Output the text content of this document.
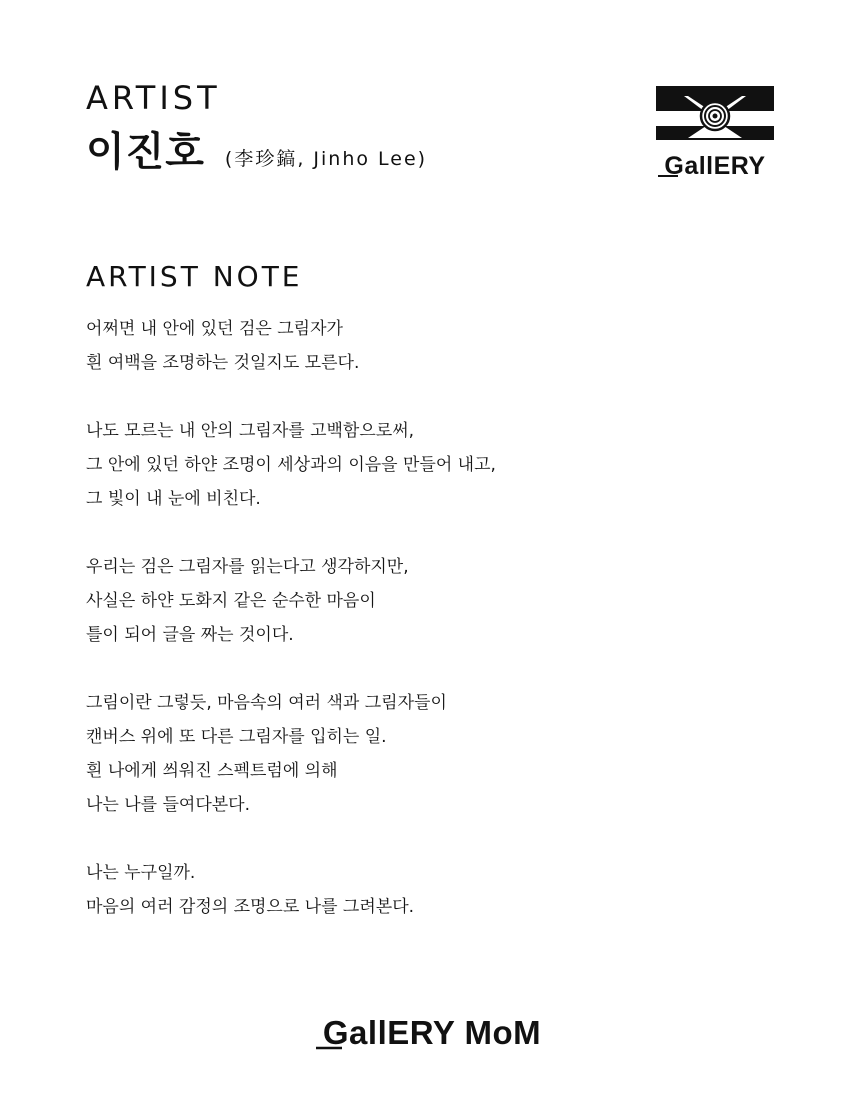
ARTIST
이진호 (李珍鎬, Jinho Lee)	GallERY
ARTIST NOTE
어쩌면 내 안에 있던 검은 그림자가
흰 여백을 조명하는 것일지도 모른다.
나도 모르는 내 안의 그림자를 고백함으로써,
그 안에 있던 하얀 조명이 세상과의 이음을 만들어 내고,
그 빛이 내 눈에 비친다.
우리는 검은 그림자를 읽는다고 생각하지만,
사실은 하얀 도화지 같은 순수한 마음이
틀이 되어 글을 짜는 것이다.
그림이란 그렇듯, 마음속의 여러 색과 그림자들이
캔버스 위에 또 다른 그림자를 입히는 일.
흰 나에게 씌워진 스펙트럼에 의해
나는 나를 들여다본다.
나는 누구일까.
마음의 여러 감정의 조명으로 나를 그려본다.
GallERY MoM
